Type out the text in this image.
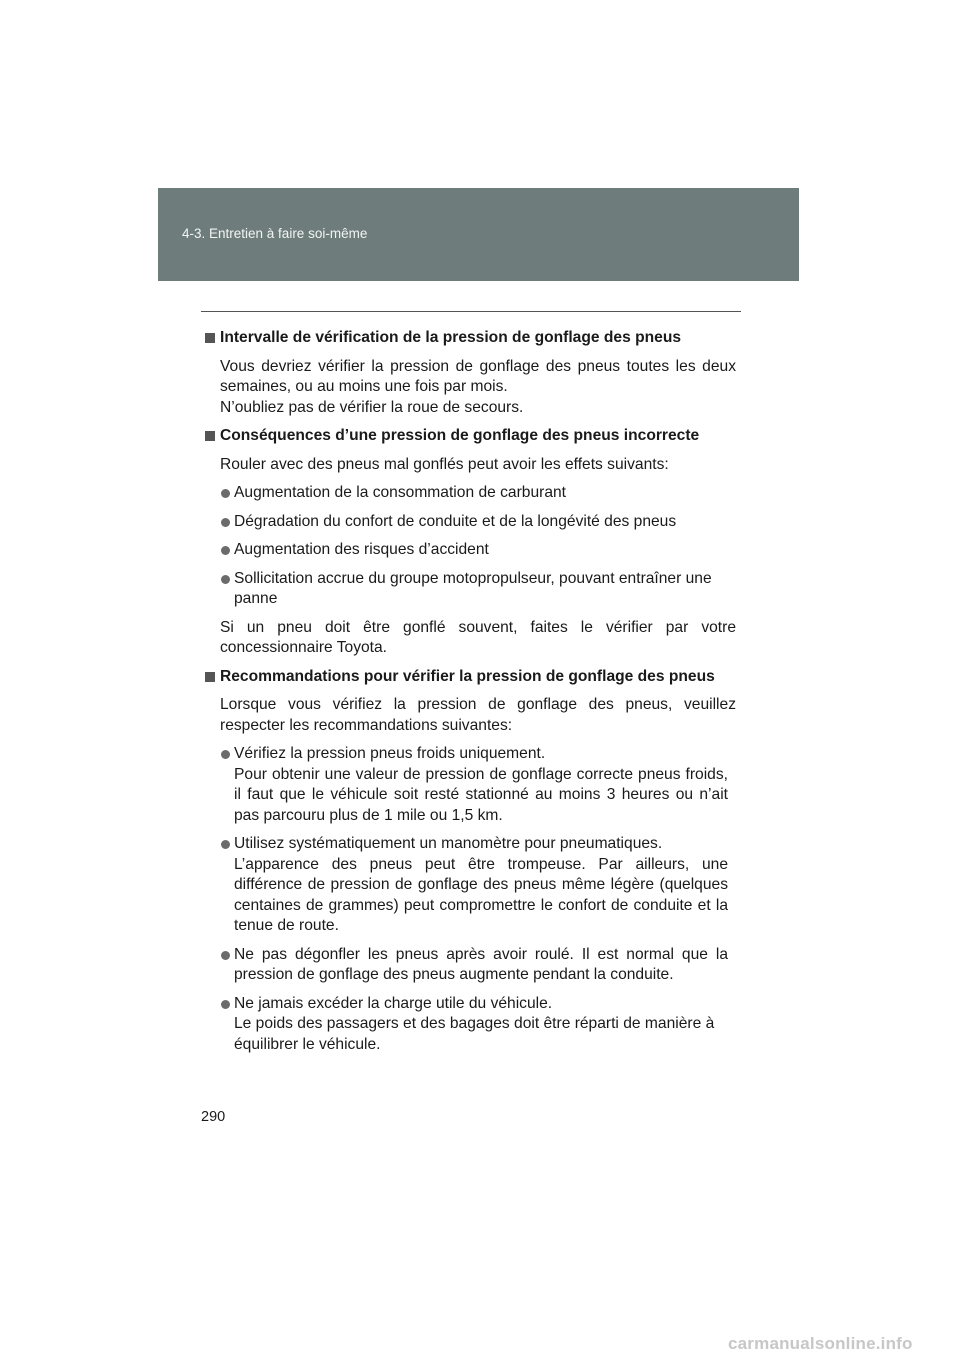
4-3. Entretien à faire soi-même
Intervalle de vérification de la pression de gonflage des pneus
Vous devriez vérifier la pression de gonflage des pneus toutes les deux semaines, ou au moins une fois par mois.
N’oubliez pas de vérifier la roue de secours.
Conséquences d’une pression de gonflage des pneus incorrecte
Rouler avec des pneus mal gonflés peut avoir les effets suivants:
Augmentation de la consommation de carburant
Dégradation du confort de conduite et de la longévité des pneus
Augmentation des risques d’accident
Sollicitation accrue du groupe motopropulseur, pouvant entraîner une panne
Si un pneu doit être gonflé souvent, faites le vérifier par votre concessionnaire Toyota.
Recommandations pour vérifier la pression de gonflage des pneus
Lorsque vous vérifiez la pression de gonflage des pneus, veuillez respecter les recommandations suivantes:
Vérifiez la pression pneus froids uniquement.
Pour obtenir une valeur de pression de gonflage correcte pneus froids, il faut que le véhicule soit resté stationné au moins 3 heures ou n’ait pas parcouru plus de 1 mile ou 1,5 km.
Utilisez systématiquement un manomètre pour pneumatiques.
L’apparence des pneus peut être trompeuse. Par ailleurs, une différence de pression de gonflage des pneus même légère (quelques centaines de grammes) peut compromettre le confort de conduite et la tenue de route.
Ne pas dégonfler les pneus après avoir roulé. Il est normal que la pression de gonflage des pneus augmente pendant la conduite.
Ne jamais excéder la charge utile du véhicule.
Le poids des passagers et des bagages doit être réparti de manière à équilibrer le véhicule.
290
carmanualsonline.info
